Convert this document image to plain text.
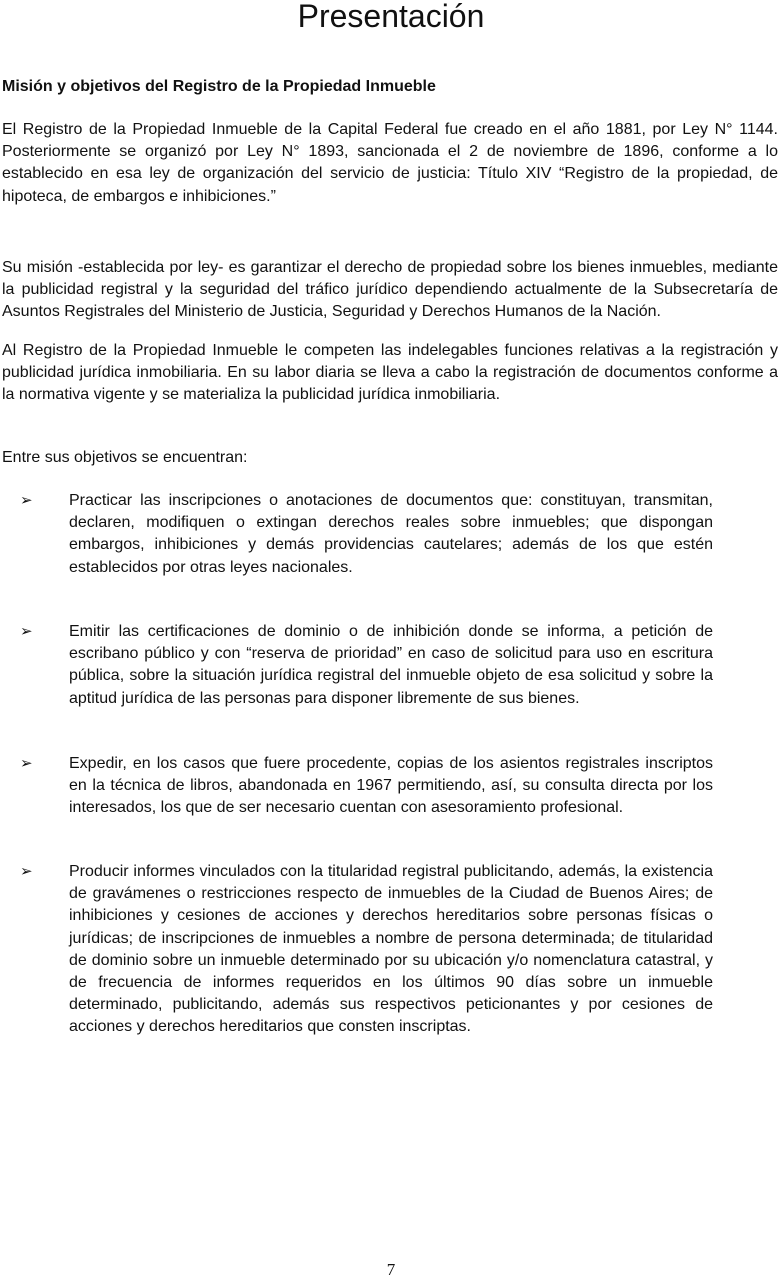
Presentación
Misión y objetivos del Registro de la Propiedad Inmueble

El Registro de la Propiedad Inmueble de la Capital Federal fue creado en el año 1881, por Ley N° 1144. Posteriormente se organizó por Ley N° 1893, sancionada el 2 de noviembre de 1896, conforme a lo establecido en esa ley de organización del servicio de justicia: Título XIV “Registro de la propiedad, de hipoteca, de embargos e inhibiciones.”

Su misión -establecida por ley- es garantizar el derecho de propiedad sobre los bienes inmuebles, mediante la publicidad registral y la seguridad del tráfico jurídico dependiendo actualmente de la Subsecretaría de Asuntos Registrales del Ministerio de Justicia, Seguridad y Derechos Humanos de la Nación.

Al Registro de la Propiedad Inmueble le competen las indelegables funciones relativas a la registración y publicidad jurídica inmobiliaria. En su labor diaria se lleva a cabo la registración de documentos conforme a la normativa vigente y se materializa la publicidad jurídica inmobiliaria.

Entre sus objetivos se encuentran:

➢	Practicar las inscripciones o anotaciones de documentos que: constituyan, transmitan, declaren, modifiquen o extingan derechos reales sobre inmuebles; que dispongan embargos, inhibiciones y demás providencias cautelares; además de los que estén establecidos por otras leyes nacionales.

➢	Emitir las certificaciones de dominio o de inhibición donde se informa, a petición de escribano público y con “reserva de prioridad” en caso de solicitud para uso en escritura pública, sobre la situación jurídica registral del inmueble objeto de esa solicitud y sobre la aptitud jurídica de las personas para disponer libremente de sus bienes.

➢	Expedir, en los casos que fuere procedente, copias de los asientos registrales inscriptos en la técnica de libros, abandonada en 1967 permitiendo, así, su consulta directa por los interesados, los que de ser necesario cuentan con asesoramiento profesional.

➢	Producir informes vinculados con la titularidad registral publicitando, además, la existencia de gravámenes o restricciones respecto de inmuebles de la Ciudad de Buenos Aires; de inhibiciones y cesiones de acciones y derechos hereditarios sobre personas físicas o jurídicas; de inscripciones de inmuebles a nombre de persona determinada; de titularidad de dominio sobre un inmueble determinado por su ubicación y/o nomenclatura catastral, y de frecuencia de informes requeridos en los últimos 90 días sobre un inmueble determinado, publicitando, además sus respectivos peticionantes y por cesiones de acciones y derechos hereditarios que consten inscriptas.

7
